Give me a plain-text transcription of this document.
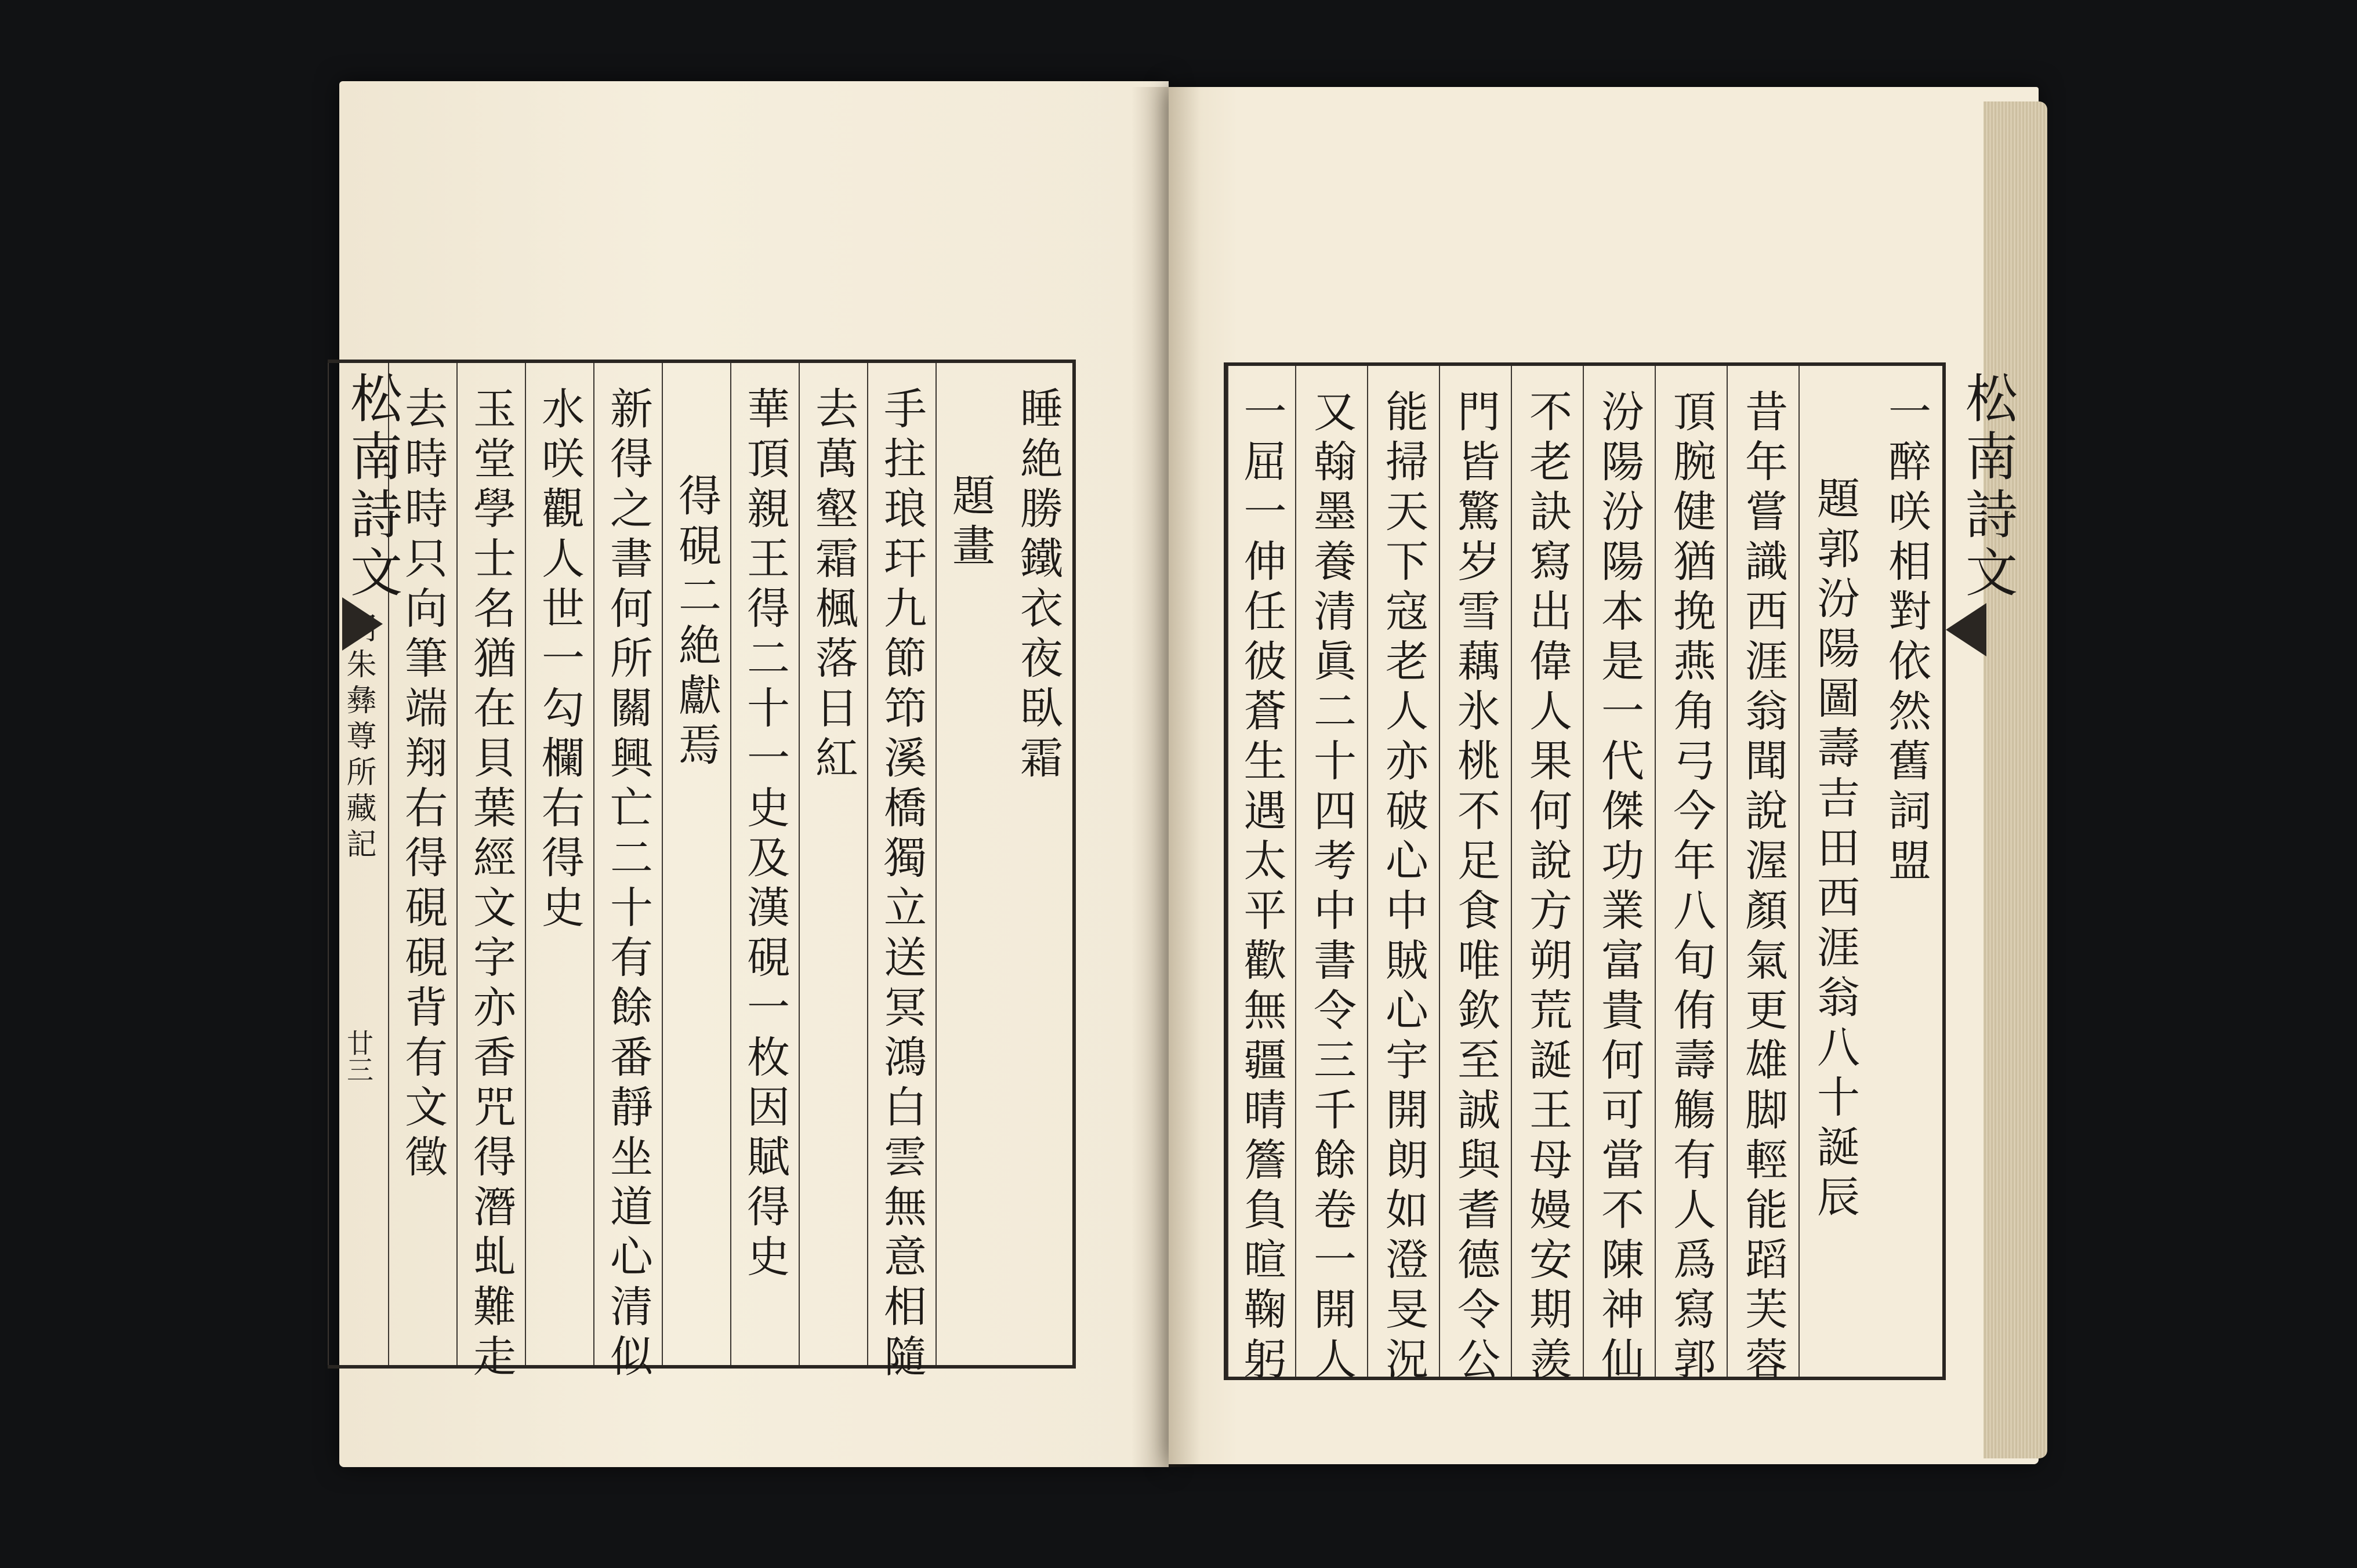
睡絶勝鐵衣夜臥霜
題畫
手拄琅玕九節笻溪橋獨立送冥鴻白雲無意相隨
去萬壑霜楓落日紅
華頂親王得二十一史及漢硯一枚因賦得史
得硯二絶獻焉
新得之書何所關興亡二十有餘番靜坐道心清似
水咲觀人世一勾欄右得史
玉堂學士名猶在貝葉經文字亦香咒得潛虬難走
去時時只向筆端翔右得硯硯背有文徵
明朱彝尊所藏記
松南詩文
廿三
一醉咲相對依然舊詞盟
題郭汾陽圖壽吉田西涯翁八十誕辰
昔年嘗識西涯翁聞說渥顏氣更雄脚輕能蹈芙蓉
頂腕健猶挽燕角弓今年八旬侑壽觴有人爲寫郭
汾陽汾陽本是一代傑功業富貴何可當不陳神仙
不老訣寫出偉人果何說方朔荒誕王母嫚安期羨
門皆驚岁雪藕氷桃不足食唯欽至誠與耆德令公
能掃天下寇老人亦破心中賊心宇開朗如澄旻況
又翰墨養清眞二十四考中書令三千餘卷一開人
一屈一伸任彼蒼生遇太平歡無疆晴簷負暄鞠躬	松南詩文
